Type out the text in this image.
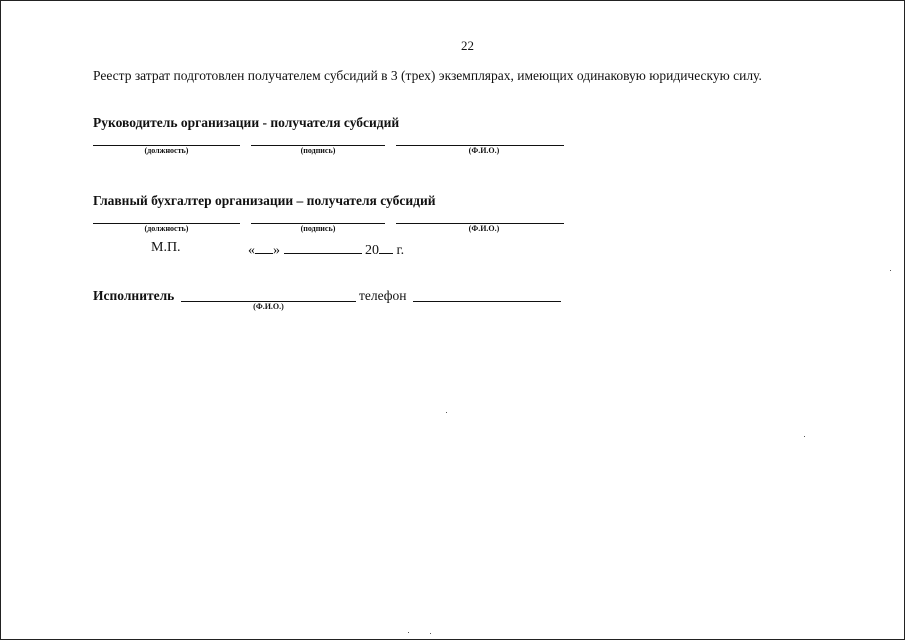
22
Реестр затрат подготовлен получателем субсидий в 3 (трех) экземплярах, имеющих одинаковую юридическую силу.
Руководитель организации - получателя субсидий
(должность)	(подпись)	(Ф.И.О.)
Главный бухгалтер организации – получателя субсидий
(должность)	(подпись)	(Ф.И.О.)
М.П.	« »	20 г.
Исполнитель
(Ф.И.О.)
телефон
